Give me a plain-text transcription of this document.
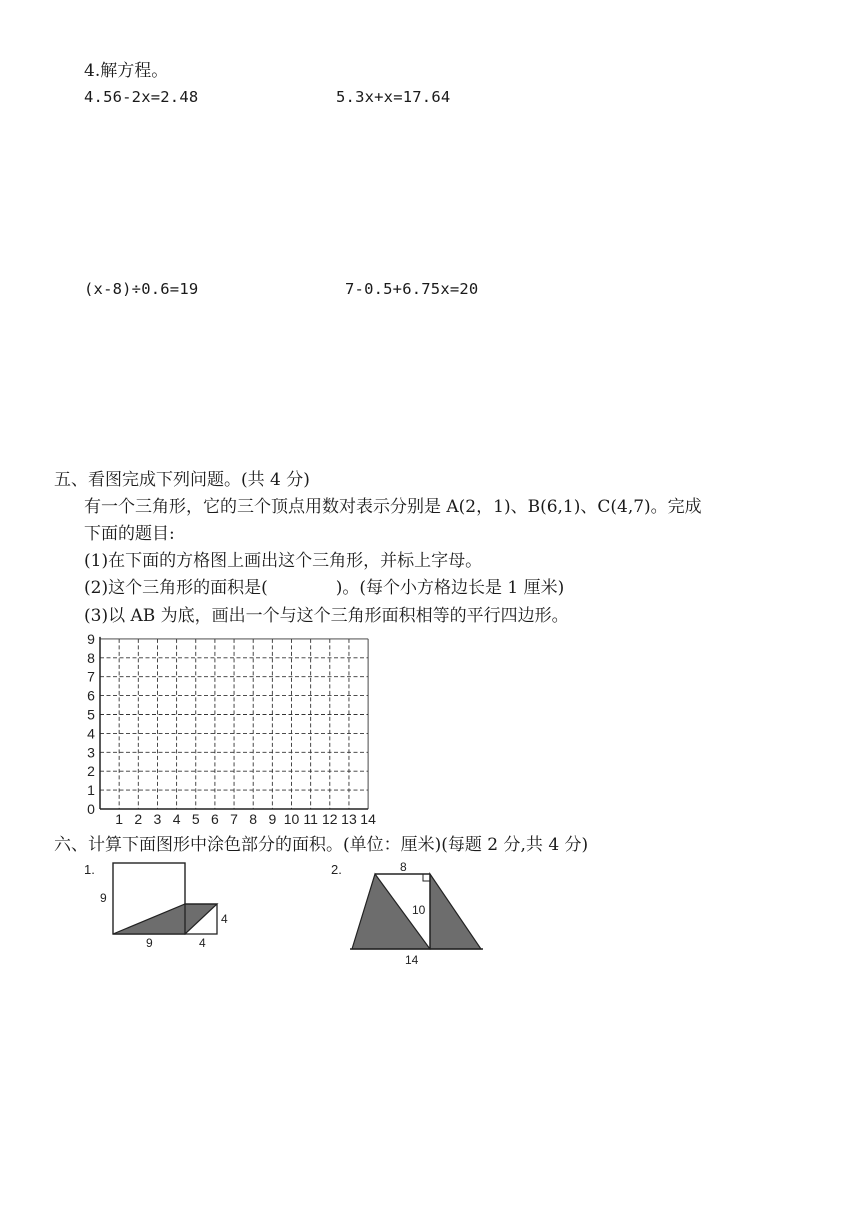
4.解方程。
4.56-2x=2.48	5.3x+x=17.64
(x-8)÷0.6=19	7-0.5+6.75x=20
五、看图完成下列问题。(共 4 分)
有一个三角形，它的三个顶点用数对表示分别是 A(2，1)、B(6,1)、C(4,7)。完成
下面的题目:
(1)在下面的方格图上画出这个三角形，并标上字母。
(2)这个三角形的面积是(　　　　)。(每个小方格边长是 1 厘米)
(3)以 AB 为底，画出一个与这个三角形面积相等的平行四边形。
1 2 3 4 5 6 7 8 9 10 11 12 13 14
0
1
2
3
4
5
6
7
8
9
六、计算下面图形中涂色部分的面积。(单位：厘米)(每题 2 分,共 4 分)
1.
9
9
4
4
2.	8
10
14
